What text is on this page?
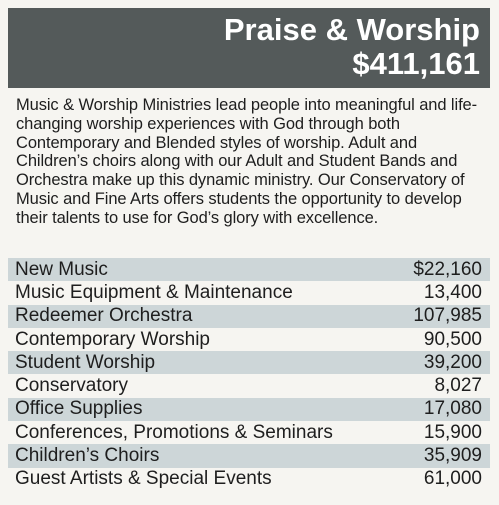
Praise & Worship
$411,161

Music & Worship Ministries lead people into meaningful and life-changing worship experiences with God through both Contemporary and Blended styles of worship. Adult and Children’s choirs along with our Adult and Student Bands and Orchestra make up this dynamic ministry. Our Conservatory of Music and Fine Arts offers students the opportunity to develop their talents to use for God’s glory with excellence.

New Music	$22,160
Music Equipment & Maintenance	13,400
Redeemer Orchestra	107,985
Contemporary Worship	90,500
Student Worship	39,200
Conservatory	8,027
Office Supplies	17,080
Conferences, Promotions & Seminars	15,900
Children’s Choirs	35,909
Guest Artists & Special Events	61,000
